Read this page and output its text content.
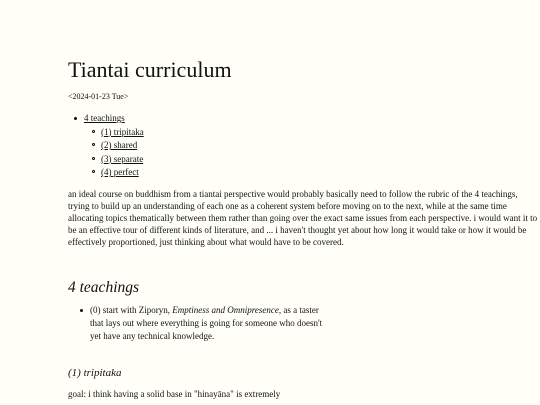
Tiantai curriculum
<2024-01-23 Tue>
4 teachings
(1) tripitaka
(2) shared
(3) separate
(4) perfect

an ideal course on buddhism from a tiantai perspective would probably basically need to follow the rubric of the 4 teachings, trying to build up an understanding of each one as a coherent system before moving on to the next, while at the same time allocating topics thematically between them rather than going over the exact same issues from each perspective. i would want it to be an effective tour of different kinds of literature, and ... i haven't thought yet about how long it would take or how it would be effectively proportioned, just thinking about what would have to be covered.

4 teachings
(0) start with Ziporyn, Emptiness and Omnipresence, as a taster that lays out where everything is going for someone who doesn't yet have any technical knowledge.
(1) tripitaka

goal: i think having a solid base in "hinayāna" is extremely
